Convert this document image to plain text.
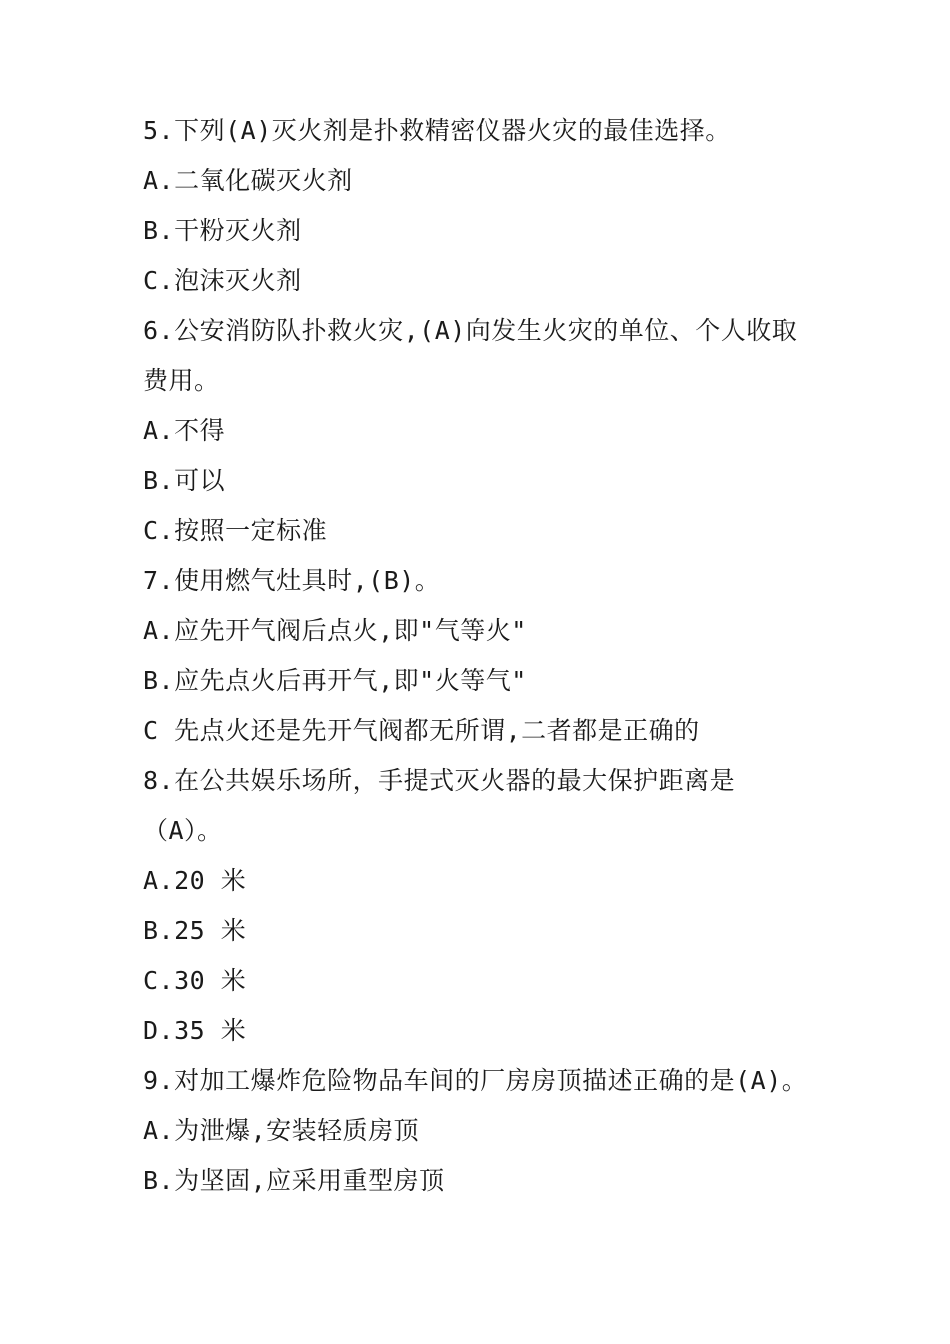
5.下列(A)灭火剂是扑救精密仪器火灾的最佳选择。
A.二氧化碳灭火剂
B.干粉灭火剂
C.泡沫灭火剂
6.公安消防队扑救火灾,(A)向发生火灾的单位、个人收取
费用。
A.不得
B.可以
C.按照一定标准
7.使用燃气灶具时,(B)。
A.应先开气阀后点火,即"气等火"
B.应先点火后再开气,即"火等气"
C 先点火还是先开气阀都无所谓,二者都是正确的
8.在公共娱乐场所，手提式灭火器的最大保护距离是
（A）。
A.20 米
B.25 米
C.30 米
D.35 米
9.对加工爆炸危险物品车间的厂房房顶描述正确的是(A)。
A.为泄爆,安装轻质房顶
B.为坚固,应采用重型房顶
